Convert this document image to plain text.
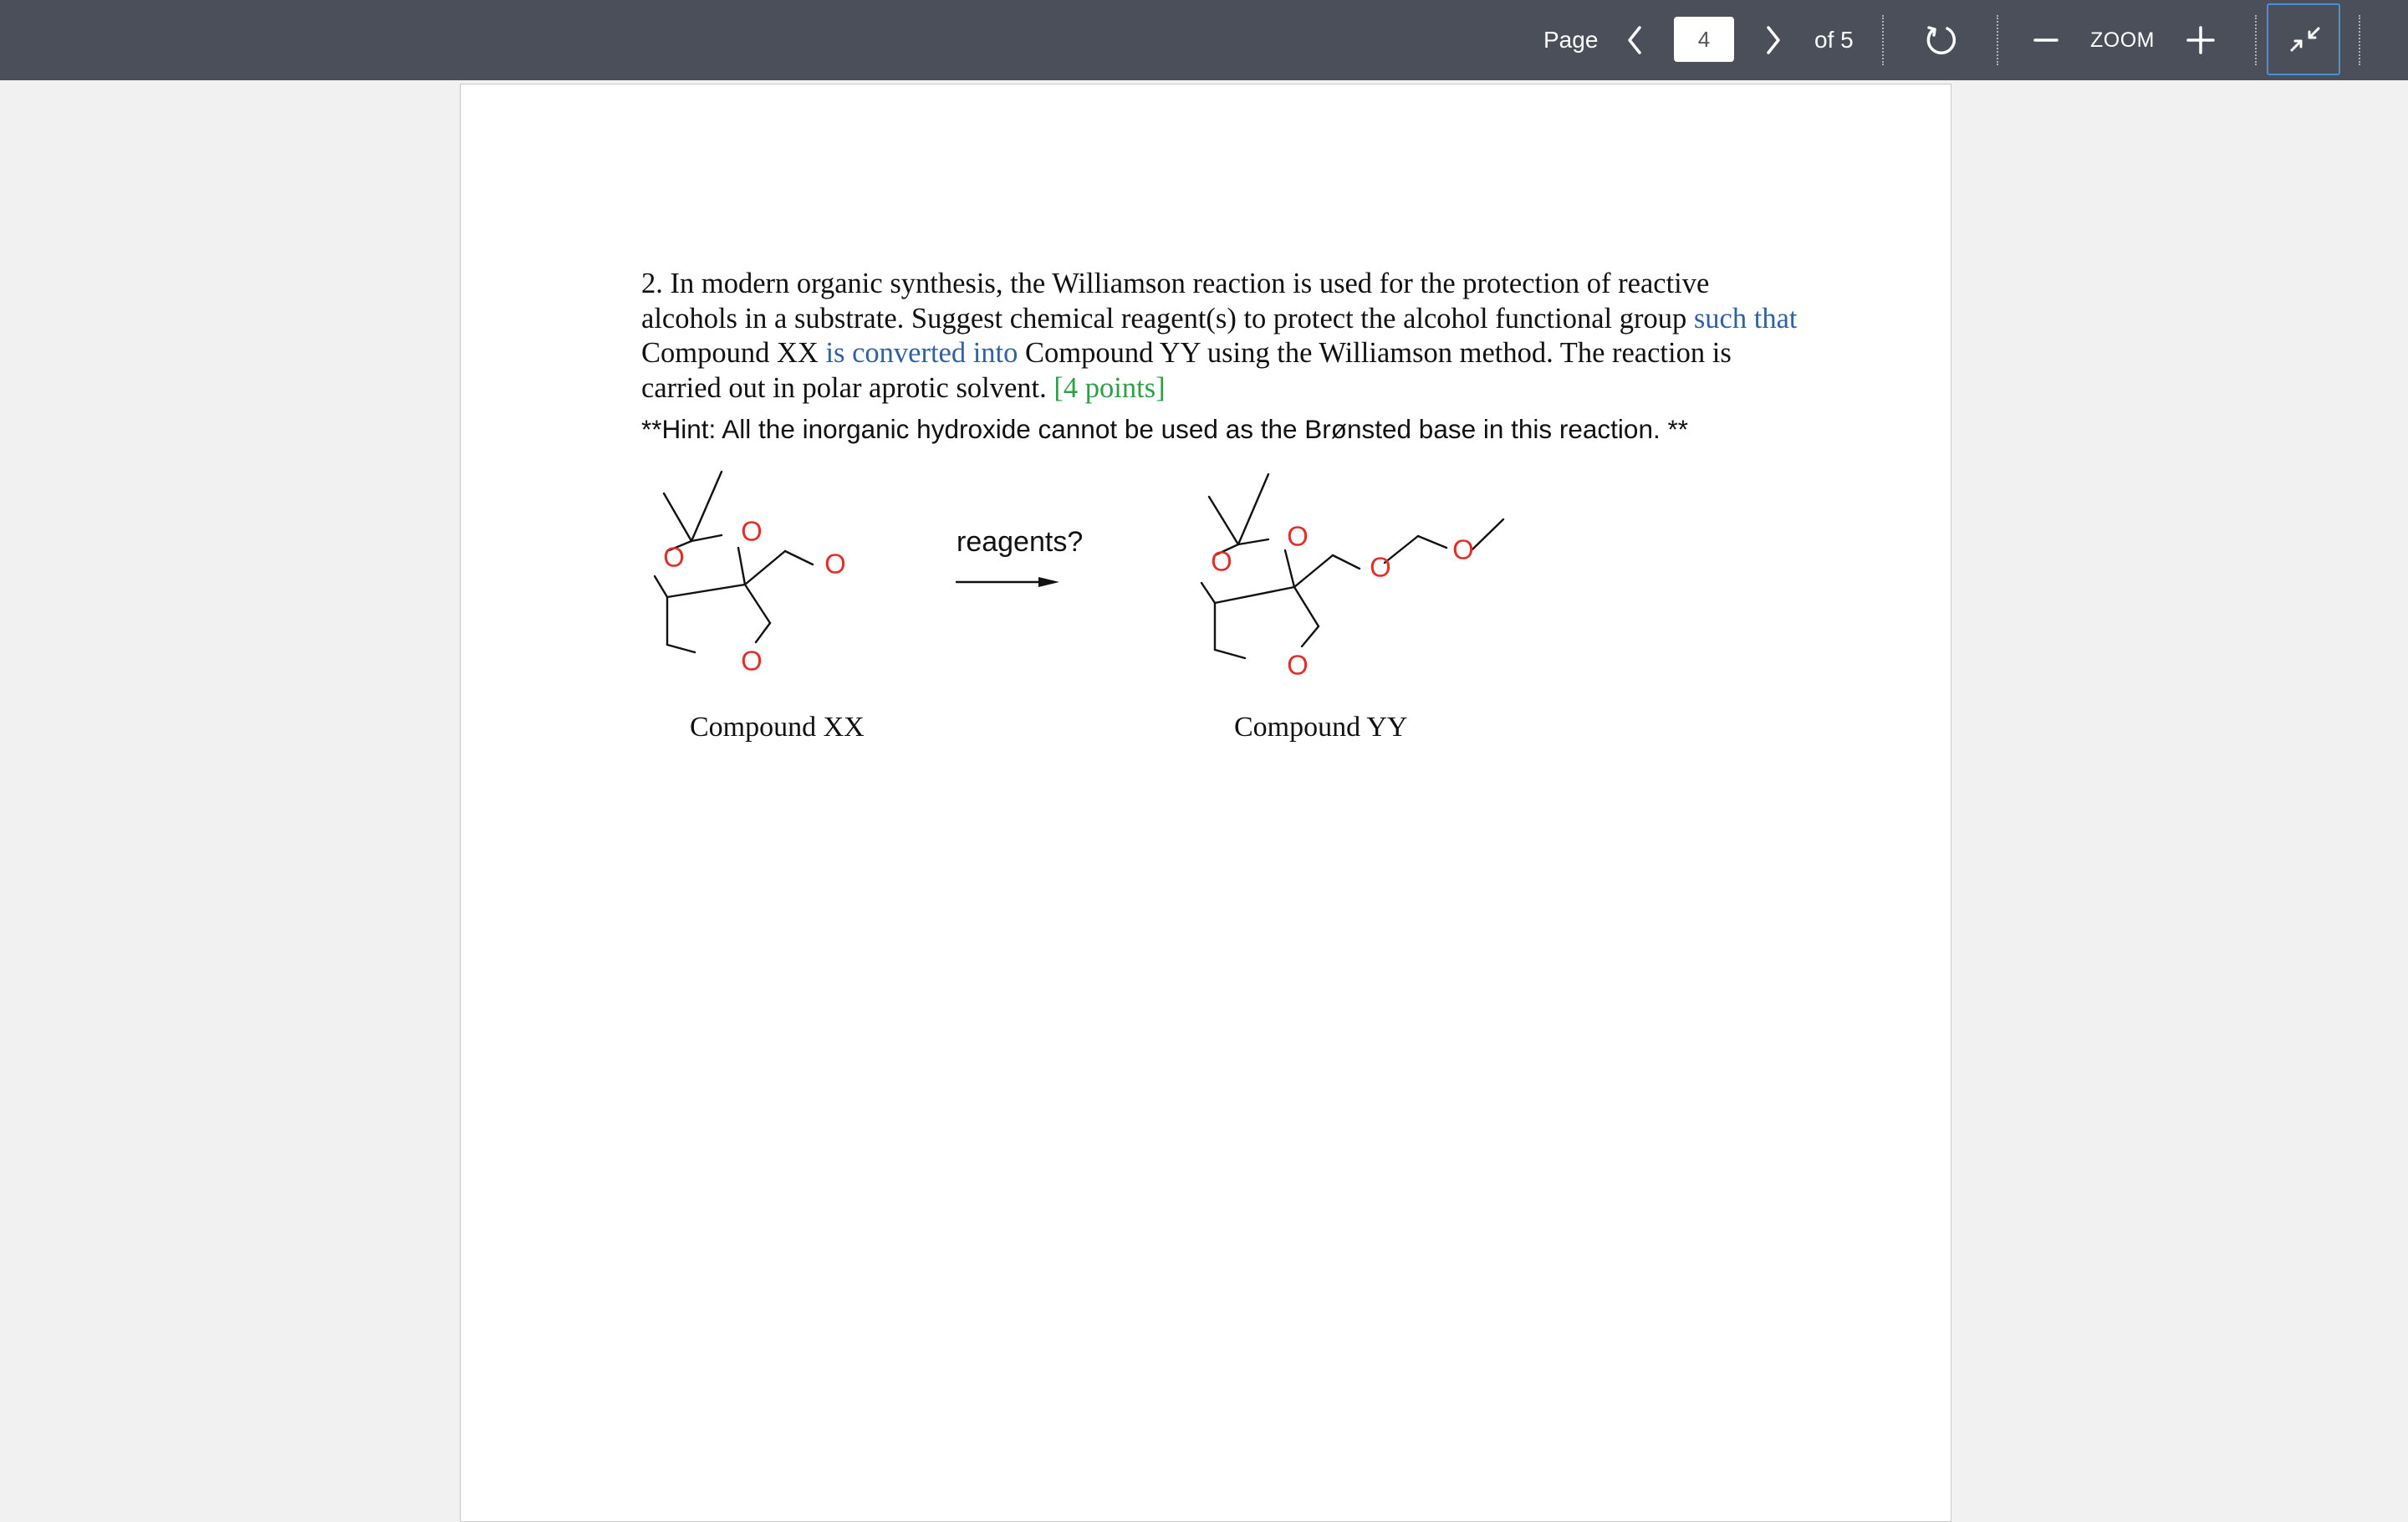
Page
4	of 5	ZOOM
2. In modern organic synthesis, the Williamson reaction is used for the protection of reactive alcohols in a substrate. Suggest chemical reagent(s) to protect the alcohol functional group such that Compound XX is converted into Compound YY using the Williamson method. The reaction is carried out in polar aprotic solvent. [4 points]
**Hint: All the inorganic hydroxide cannot be used as the Brønsted base in this reaction. **
O
O	O
O
O
O	O
O
O
reagents?
Compound XX	Compound YY
